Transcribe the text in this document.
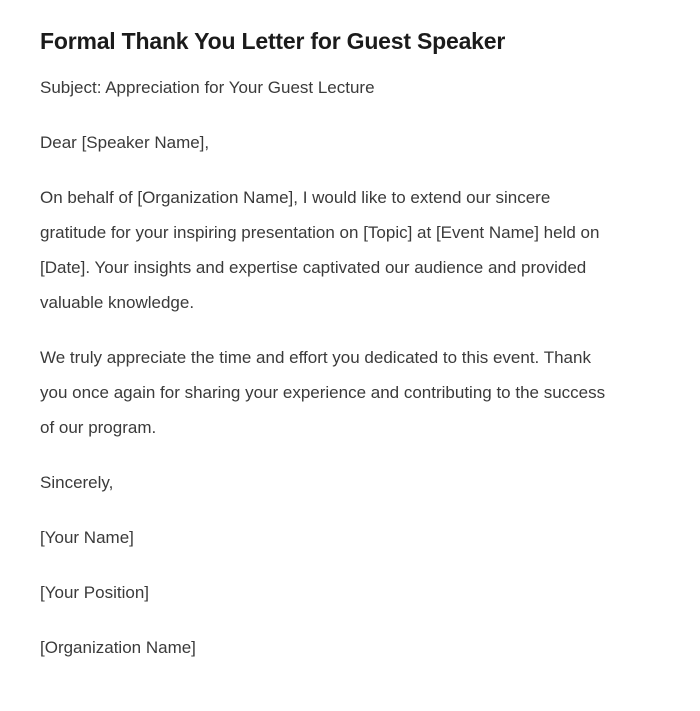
Formal Thank You Letter for Guest Speaker

Subject: Appreciation for Your Guest Lecture

Dear [Speaker Name],

On behalf of [Organization Name], I would like to extend our sincere gratitude for your inspiring presentation on [Topic] at [Event Name] held on [Date]. Your insights and expertise captivated our audience and provided valuable knowledge.

We truly appreciate the time and effort you dedicated to this event. Thank you once again for sharing your experience and contributing to the success of our program.

Sincerely,

[Your Name]

[Your Position]

[Organization Name]
